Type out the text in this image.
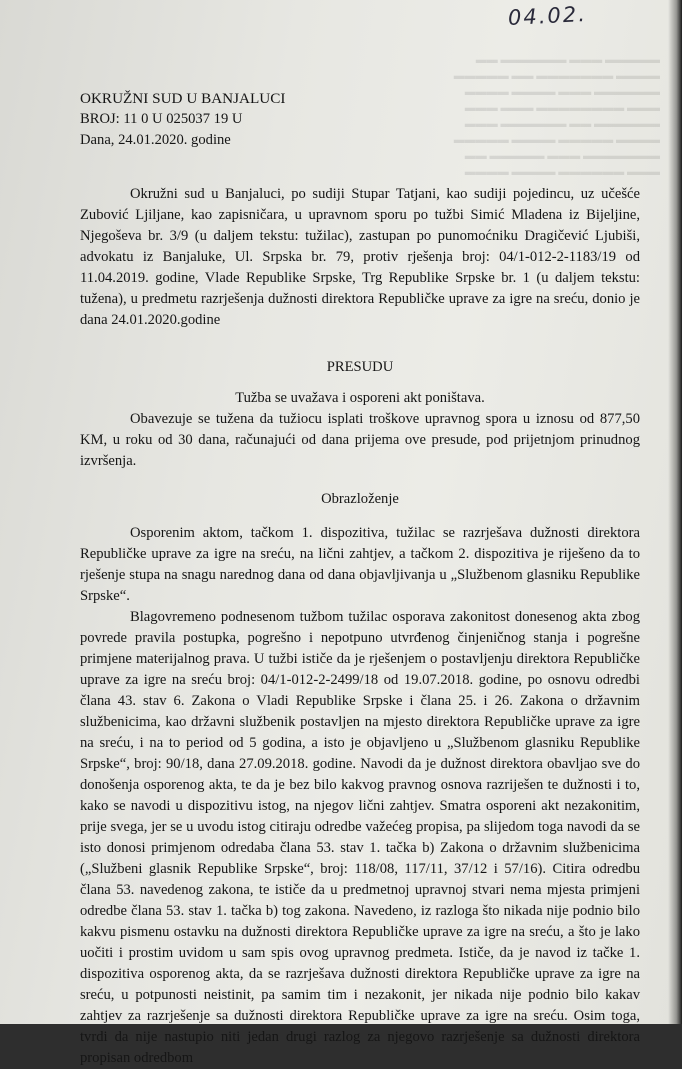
▬▬▬▬▬ ▬▬▬ ▬▬▬▬▬▬ ▬▬
▬▬▬▬ ▬▬▬▬▬▬▬ ▬▬ ▬▬▬▬▬
▬▬▬▬▬▬ ▬▬▬ ▬▬▬▬ ▬▬▬▬
▬▬▬ ▬▬▬▬▬▬▬▬ ▬▬▬ ▬▬▬
▬▬▬▬▬▬ ▬▬ ▬▬▬▬▬▬ ▬▬▬
▬▬▬▬ ▬▬▬▬▬ ▬▬▬▬ ▬▬▬▬▬
▬▬▬▬▬▬▬ ▬▬▬ ▬▬▬▬▬ ▬▬
▬▬▬ ▬▬▬▬▬▬ ▬▬▬▬ ▬▬▬▬
04.02.
OKRUŽNI SUD U BANJALUCI
BROJ: 11 0 U 025037 19 U
Dana, 24.01.2020. godine

Okružni sud u Banjaluci, po sudiji Stupar Tatjani, kao sudiji pojedincu, uz učešće Zubović Ljiljane, kao zapisničara, u upravnom sporu po tužbi Simić Mladena iz Bijeljine, Njegoševa br. 3/9 (u daljem tekstu: tužilac), zastupan po punomoćniku Dragičević Ljubiši, advokatu iz Banjaluke, Ul. Srpska br. 79, protiv rješenja broj: 04/1-012-2-1183/19 od 11.04.2019. godine, Vlade Republike Srpske, Trg Republike Srpske br. 1 (u daljem tekstu: tužena), u predmetu razrješenja dužnosti direktora Republičke uprave za igre na sreću, donio je dana 24.01.2020.godine

PRESUDU

Tužba se uvažava i osporeni akt poništava.

Obavezuje se tužena da tužiocu isplati troškove upravnog spora u iznosu od 877,50 KM, u roku od 30 dana, računajući od dana prijema ove presude, pod prijetnjom prinudnog izvršenja.

Obrazloženje

Osporenim aktom, tačkom 1. dispozitiva, tužilac se razrješava dužnosti direktora Republičke uprave za igre na sreću, na lični zahtjev, a tačkom 2. dispozitiva je riješeno da to rješenje stupa na snagu narednog dana od dana objavljivanja u „Službenom glasniku Republike Srpske“.

Blagovremeno podnesenom tužbom tužilac osporava zakonitost donesenog akta zbog povrede pravila postupka, pogrešno i nepotpuno utvrđenog činjeničnog stanja i pogrešne primjene materijalnog prava. U tužbi ističe da je rješenjem o postavljenju direktora Republičke uprave za igre na sreću broj: 04/1-012-2-2499/18 od 19.07.2018. godine, po osnovu odredbi člana 43. stav 6. Zakona o Vladi Republike Srpske i člana 25. i 26. Zakona o državnim službenicima, kao državni službenik postavljen na mjesto direktora Republičke uprave za igre na sreću, i na to period od 5 godina, a isto je objavljeno u „Službenom glasniku Republike Srpske“, broj: 90/18, dana 27.09.2018. godine. Navodi da je dužnost direktora obavljao sve do donošenja osporenog akta, te da je bez bilo kakvog pravnog osnova razriješen te dužnosti i to, kako se navodi u dispozitivu istog, na njegov lični zahtjev. Smatra osporeni akt nezakonitim, prije svega, jer se u uvodu istog citiraju odredbe važećeg propisa, pa slijedom toga navodi da se isto donosi primjenom odredaba člana 53. stav 1. tačka b) Zakona o državnim službenicima („Službeni glasnik Republike Srpske“, broj: 118/08, 117/11, 37/12 i 57/16). Citira odredbu člana 53. navedenog zakona, te ističe da u predmetnoj upravnoj stvari nema mjesta primjeni odredbe člana 53. stav 1. tačka b) tog zakona. Navedeno, iz razloga što nikada nije podnio bilo kakvu pismenu ostavku na dužnosti direktora Republičke uprave za igre na sreću, a što je lako uočiti i prostim uvidom u sam spis ovog upravnog predmeta. Ističe, da je navod iz tačke 1. dispozitiva osporenog akta, da se razrješava dužnosti direktora Republičke uprave za igre na sreću, u potpunosti neistinit, pa samim tim i nezakonit, jer nikada nije podnio bilo kakav zahtjev za razrješenje sa dužnosti direktora Republičke uprave za igre na sreću. Osim toga, tvrdi da nije nastupio niti jedan drugi razlog za njegovo razrješenje sa dužnosti direktora propisan odredbom
